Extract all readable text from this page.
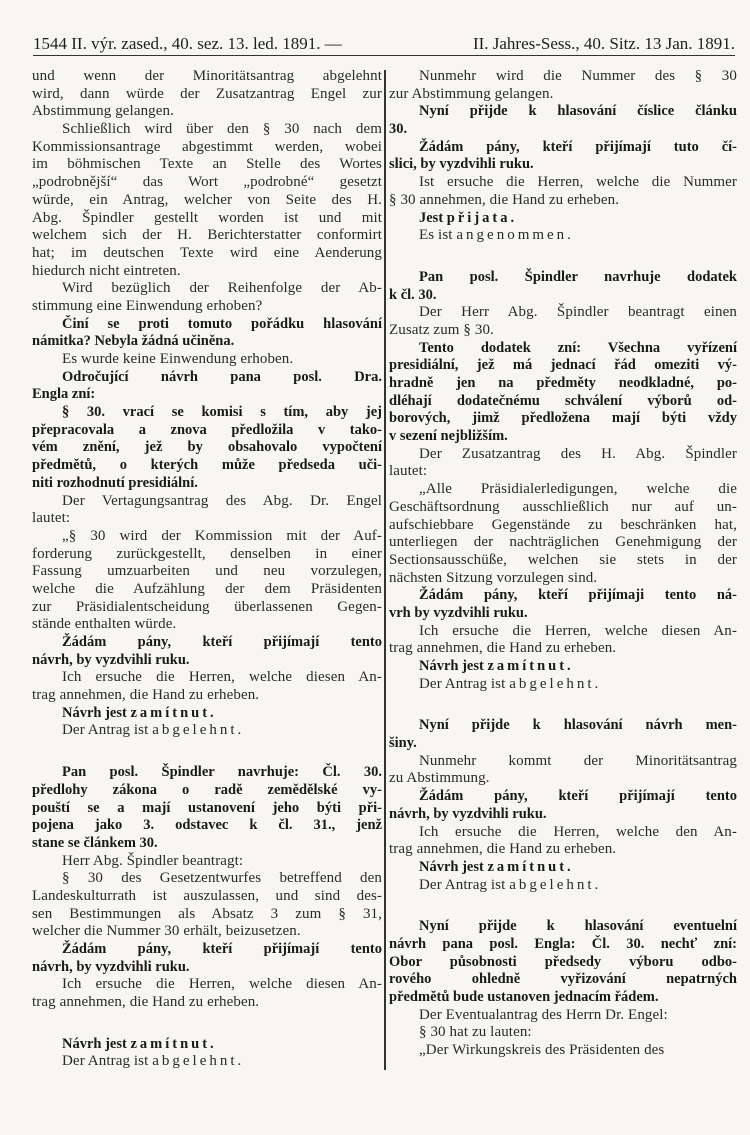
1544 II. výr. zased., 40. sez. 13. led. 1891. —	II. Jahres-Sess., 40. Sitz. 13 Jan. 1891.
und wenn der Minoritätsantrag abgelehnt
wird, dann würde der Zusatzantrag Engel zur
Abstimmung gelangen.
Schließlich wird über den § 30 nach dem
Kommissionsantrage abgestimmt werden, wobei
im böhmischen Texte an Stelle des Wortes
„podrobnější“ das Wort „podrobné“ gesetzt
würde, ein Antrag, welcher von Seite des H.
Abg. Špindler gestellt worden ist und mit
welchem sich der H. Berichterstatter conformirt
hat; im deutschen Texte wird eine Aenderung
hiedurch nicht eintreten.
Wird bezüglich der Reihenfolge der Ab-
stimmung eine Einwendung erhoben?
Činí se proti tomuto pořádku hlasování
námitka? Nebyla žádná učiněna.
Es wurde keine Einwendung erhoben.
Odročující návrh pana posl. Dra.
Engla zní:
§ 30. vrací se komisi s tím, aby jej
přepracovala a znova předložila v tako-
vém znění, jež by obsahovalo vypočtení
předmětů, o kterých může předseda uči-
niti rozhodnutí presidiální.
Der Vertagungsantrag des Abg. Dr. Engel
lautet:
„§ 30 wird der Kommission mit der Auf-
forderung zurückgestellt, denselben in einer
Fassung umzuarbeiten und neu vorzulegen,
welche die Aufzählung der dem Präsidenten
zur Präsidialentscheidung überlassenen Gegen-
stände enthalten würde.
Žádám pány, kteří přijímají tento
návrh, by vyzdvihli ruku.
Ich ersuche die Herren, welche diesen An-
trag annehmen, die Hand zu erheben.
Návrh jest zamítnut.
Der Antrag ist abgelehnt.
Pan posl. Špindler navrhuje: Čl. 30.
předlohy zákona o radě zemědělské vy-
pouští se a mají ustanovení jeho býti při-
pojena jako 3. odstavec k čl. 31., jenž
stane se článkem 30.
Herr Abg. Špindler beantragt:
§ 30 des Gesetzentwurfes betreffend den
Landeskulturrath ist auszulassen, und sind des-
sen Bestimmungen als Absatz 3 zum § 31,
welcher die Nummer 30 erhält, beizusetzen.
Žádám pány, kteří přijímají tento
návrh, by vyzdvihli ruku.
Ich ersuche die Herren, welche diesen An-
trag annehmen, die Hand zu erheben.
Návrh jest zamítnut.
Der Antrag ist abgelehnt.
Nunmehr wird die Nummer des § 30
zur Abstimmung gelangen.
Nyní přijde k hlasování číslice článku
30.
Žádám pány, kteří přijímají tuto čí-
slici, by vyzdvihli ruku.
Ist ersuche die Herren, welche die Nummer
§ 30 annehmen, die Hand zu erheben.
Jest přijata.
Es ist angenommen.
Pan posl. Špindler navrhuje dodatek
k čl. 30.
Der Herr Abg. Špindler beantragt einen
Zusatz zum § 30.
Tento dodatek zní: Všechna vyřízení
presidiální, jež má jednací řád omeziti vý-
hradně jen na předměty neodkladné, po-
dléhají dodatečnému schválení výborů od-
borových, jimž předložena mají býti vždy
v sezení nejbližším.
Der Zusatzantrag des H. Abg. Špindler
lautet:
„Alle Präsidialerledigungen, welche die
Geschäftsordnung ausschließlich nur auf un-
aufschiebbare Gegenstände zu beschränken hat,
unterliegen der nachträglichen Genehmigung der
Sectionsausschüße, welchen sie stets in der
nächsten Sitzung vorzulegen sind.
Žádám pány, kteří přijímaji tento ná-
vrh by vyzdvihli ruku.
Ich ersuche die Herren, welche diesen An-
trag annehmen, die Hand zu erheben.
Návrh jest zamítnut.
Der Antrag ist abgelehnt.
Nyní přijde k hlasování návrh men-
šiny.
Nunmehr kommt der Minoritätsantrag
zu Abstimmung.
Žádám pány, kteří přijímají tento
návrh, by vyzdvihli ruku.
Ich ersuche die Herren, welche den An-
trag annehmen, die Hand zu erheben.
Návrh jest zamítnut.
Der Antrag ist abgelehnt.
Nyní přijde k hlasování eventuelní
návrh pana posl. Engla: Čl. 30. nechť zní:
Obor působnosti předsedy výboru odbo-
rového ohledně vyřizování nepatrných
předmětů bude ustanoven jednacím řádem.
Der Eventualantrag des Herrn Dr. Engel:
§ 30 hat zu lauten:
„Der Wirkungskreis des Präsidenten des
